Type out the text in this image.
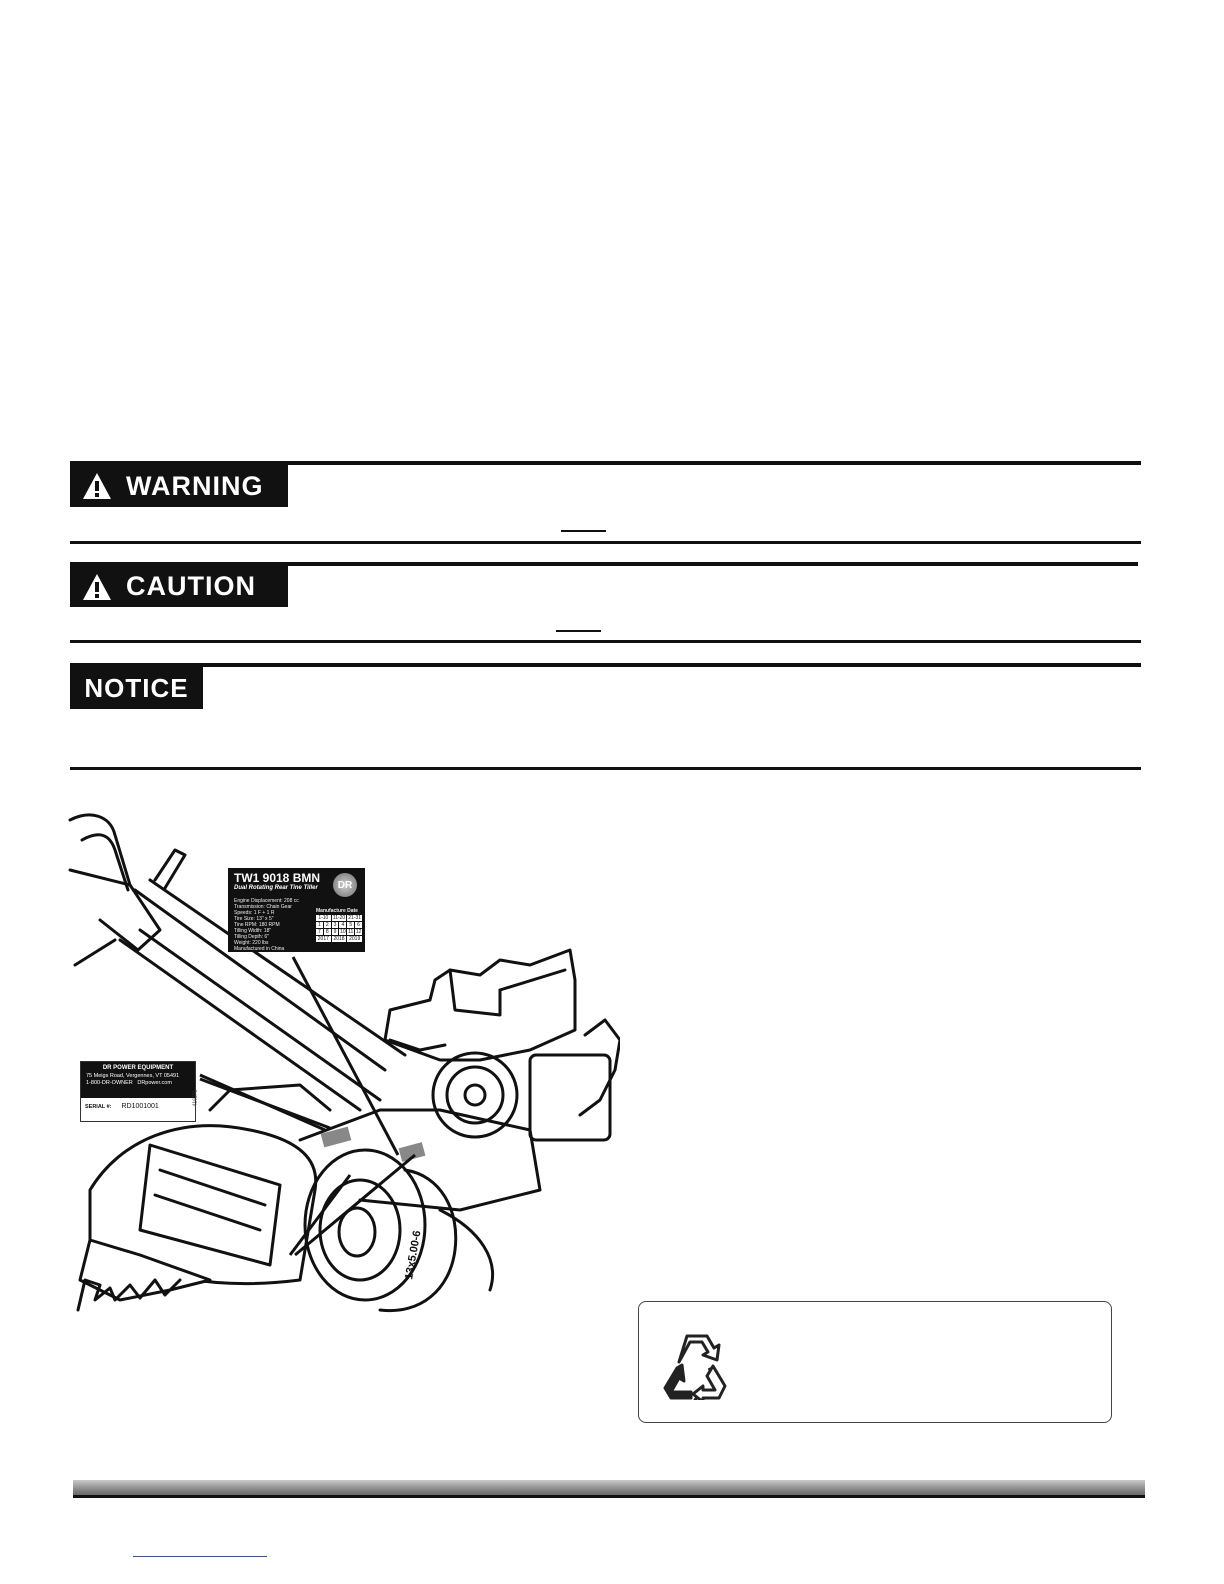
WARNING
CAUTION
NOTICE
13x5.00-6
TW1 9018 BMN
Dual Rotating Rear Tine Tiller	DR
Engine Displacement: 208 cc
Transmission: Chain Gear
Speeds: 1 F + 1 R
Tire Size: 13" x 5"
Tine RPM: 180 RPM
Tilling Width: 18"
Tilling Depth: 6"
Weight: 220 lbs
Manufactured in China
Manufacture Date
1-10 11-20 21-31
1	2	3	4	5	6
7	8	9 10 11 12
2017 2018 2019
DR POWER EQUIPMENT
75 Meigs Road, Vergennes, VT 05491
1-800-DR-OWNER DRpower.com
SERIAL #: RD1001001
416271
